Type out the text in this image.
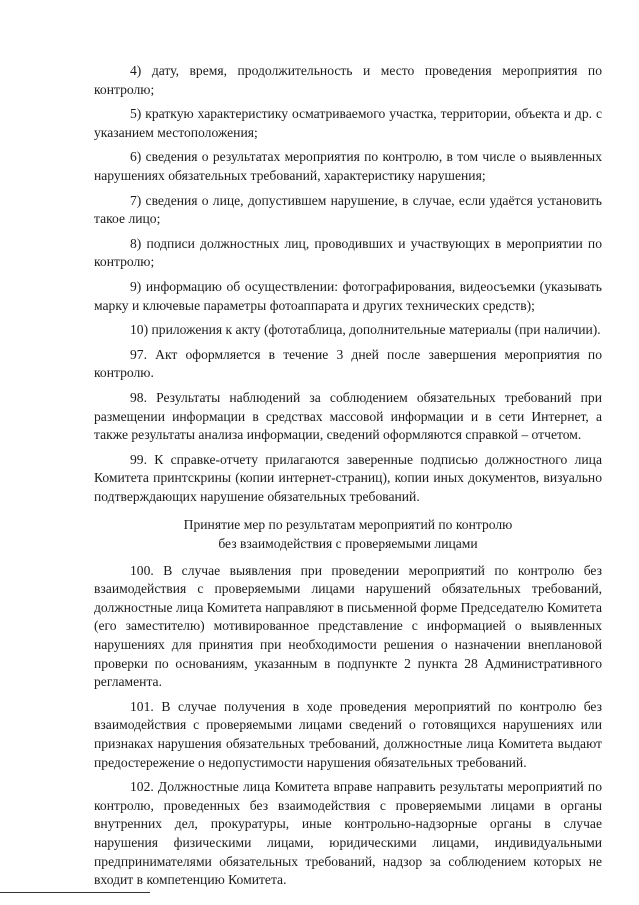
4) дату, время, продолжительность и место проведения мероприятия по контролю;

5) краткую характеристику осматриваемого участка, территории, объекта и др. с указанием местоположения;

6) сведения о результатах мероприятия по контролю, в том числе о выявленных нарушениях обязательных требований, характеристику нарушения;

7) сведения о лице, допустившем нарушение, в случае, если удаётся установить такое лицо;

8) подписи должностных лиц, проводивших и участвующих в мероприятии по контролю;

9) информацию об осуществлении: фотографирования, видеосъемки (указывать марку и ключевые параметры фотоаппарата и других технических средств);

10) приложения к акту (фототаблица, дополнительные материалы (при наличии).

97. Акт оформляется в течение 3 дней после завершения мероприятия по контролю.

98. Результаты наблюдений за соблюдением обязательных требований при размещении информации в средствах массовой информации и в сети Интернет, а также результаты анализа информации, сведений оформляются справкой – отчетом.

99. К справке-отчету прилагаются заверенные подписью должностного лица Комитета принтскрины (копии интернет-страниц), копии иных документов, визуально подтверждающих нарушение обязательных требований.

Принятие мер по результатам мероприятий по контролю
без взаимодействия с проверяемыми лицами

100. В случае выявления при проведении мероприятий по контролю без взаимодействия с проверяемыми лицами нарушений обязательных требований, должностные лица Комитета направляют в письменной форме Председателю Комитета (его заместителю) мотивированное представление с информацией о выявленных нарушениях для принятия при необходимости решения о назначении внеплановой проверки по основаниям, указанным в подпункте 2 пункта 28 Административного регламента.

101. В случае получения в ходе проведения мероприятий по контролю без взаимодействия с проверяемыми лицами сведений о готовящихся нарушениях или признаках нарушения обязательных требований, должностные лица Комитета выдают предостережение о недопустимости нарушения обязательных требований.

102. Должностные лица Комитета вправе направить результаты мероприятий по контролю, проведенных без взаимодействия с проверяемыми лицами в органы внутренних дел, прокуратуры, иные контрольно-надзорные органы в случае нарушения физическими лицами, юридическими лицами, индивидуальными предпринимателями обязательных требований, надзор за соблюдением которых не входит в компетенцию Комитета.
